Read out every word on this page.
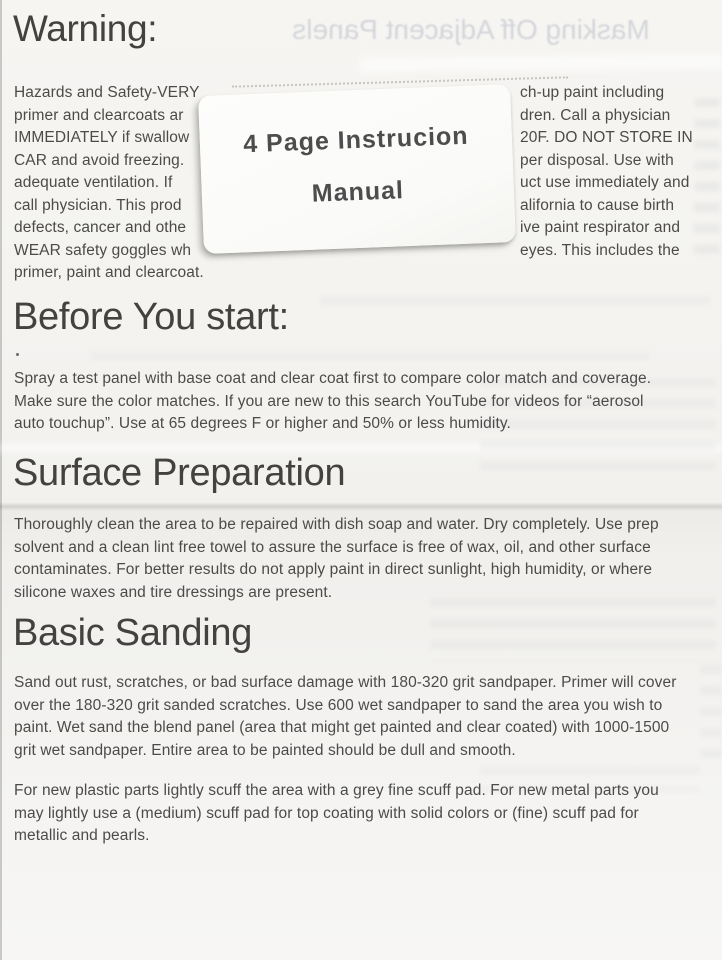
Masking Off Adjacent Panels
Warning:
Hazards and Safety-VERY	ch-up paint including
primer and clearcoats ar	dren. Call a physician
IMMEDIATELY if swallow	20F. DO NOT STORE IN
CAR and avoid freezing.	per disposal. Use with
adequate ventilation. If	uct use immediately and
call physician. This prod	alifornia to cause birth
defects, cancer and othe	ive paint respirator and
WEAR safety goggles wh	eyes. This includes the
primer, paint and clearcoat.
4 Page Instrucion
Manual
Before You start:
Spray a test panel with base coat and clear coat first to compare color match and coverage.
Make sure the color matches. If you are new to this search YouTube for videos for “aerosol
auto touchup”. Use at 65 degrees F or higher and 50% or less humidity.
Surface Preparation
Thoroughly clean the area to be repaired with dish soap and water. Dry completely. Use prep
solvent and a clean lint free towel to assure the surface is free of wax, oil, and other surface
contaminates. For better results do not apply paint in direct sunlight, high humidity, or where
silicone waxes and tire dressings are present.
Basic Sanding
Sand out rust, scratches, or bad surface damage with 180-320 grit sandpaper. Primer will cover
over the 180-320 grit sanded scratches. Use 600 wet sandpaper to sand the area you wish to
paint. Wet sand the blend panel (area that might get painted and clear coated) with 1000-1500
grit wet sandpaper. Entire area to be painted should be dull and smooth.
For new plastic parts lightly scuff the area with a grey fine scuff pad. For new metal parts you
may lightly use a (medium) scuff pad for top coating with solid colors or (fine) scuff pad for
metallic and pearls.
